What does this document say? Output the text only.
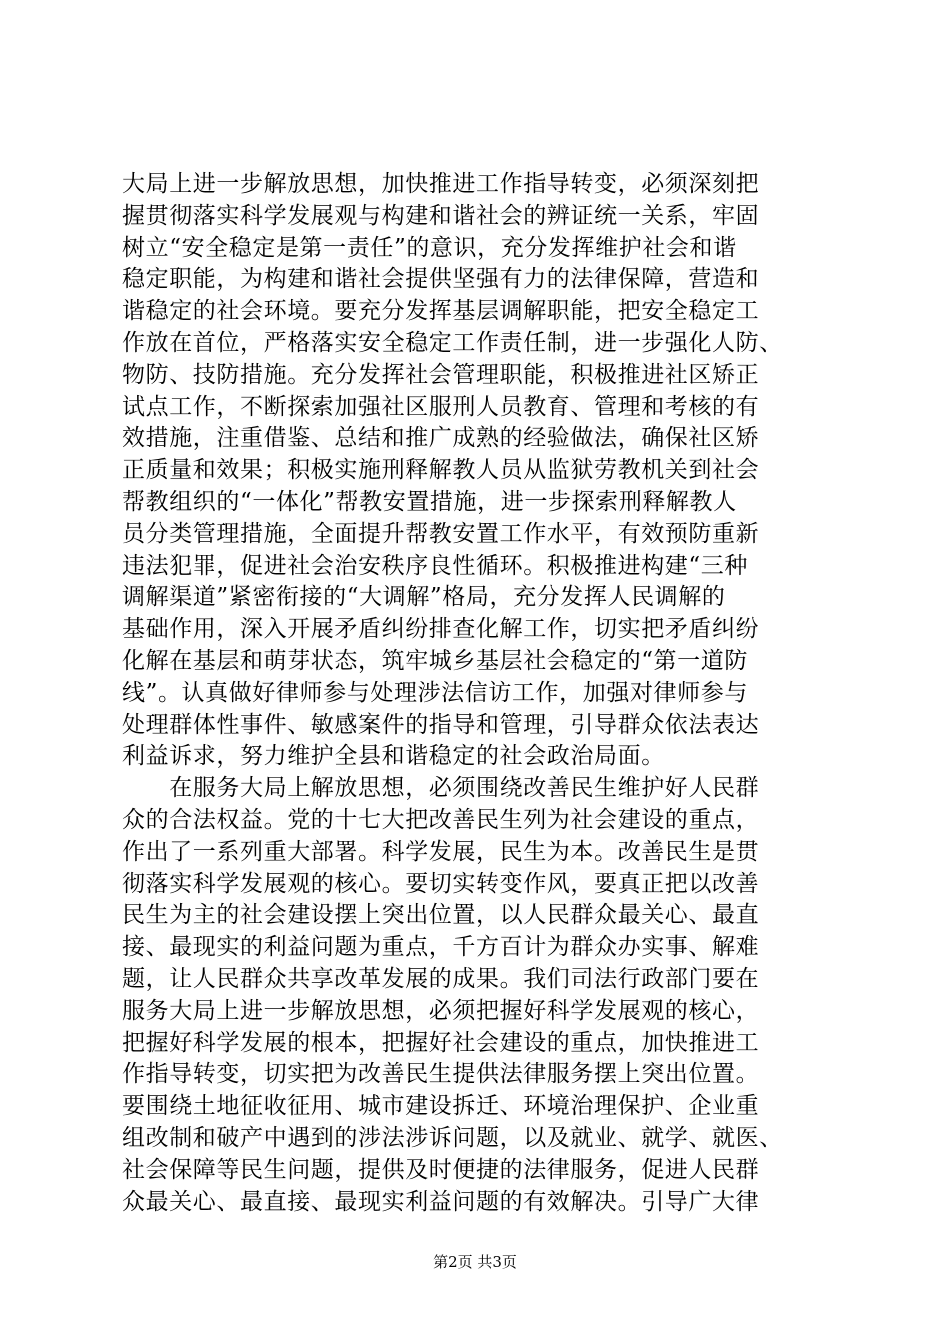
大局上进一步解放思想，加快推进工作指导转变，必须深刻把
握贯彻落实科学发展观与构建和谐社会的辨证统一关系，牢固
树立“安全稳定是第一责任”的意识，充分发挥维护社会和谐
稳定职能，为构建和谐社会提供坚强有力的法律保障，营造和
谐稳定的社会环境。要充分发挥基层调解职能，把安全稳定工
作放在首位，严格落实安全稳定工作责任制，进一步强化人防、
物防、技防措施。充分发挥社会管理职能，积极推进社区矫正
试点工作，不断探索加强社区服刑人员教育、管理和考核的有
效措施，注重借鉴、总结和推广成熟的经验做法，确保社区矫
正质量和效果；积极实施刑释解教人员从监狱劳教机关到社会
帮教组织的“一体化”帮教安置措施，进一步探索刑释解教人
员分类管理措施，全面提升帮教安置工作水平，有效预防重新
违法犯罪，促进社会治安秩序良性循环。积极推进构建“三种
调解渠道”紧密衔接的“大调解”格局，充分发挥人民调解的
基础作用，深入开展矛盾纠纷排查化解工作，切实把矛盾纠纷
化解在基层和萌芽状态，筑牢城乡基层社会稳定的“第一道防
线”。认真做好律师参与处理涉法信访工作，加强对律师参与
处理群体性事件、敏感案件的指导和管理，引导群众依法表达
利益诉求，努力维护全县和谐稳定的社会政治局面。
　　在服务大局上解放思想，必须围绕改善民生维护好人民群
众的合法权益。党的十七大把改善民生列为社会建设的重点，
作出了一系列重大部署。科学发展，民生为本。改善民生是贯
彻落实科学发展观的核心。要切实转变作风，要真正把以改善
民生为主的社会建设摆上突出位置，以人民群众最关心、最直
接、最现实的利益问题为重点，千方百计为群众办实事、解难
题，让人民群众共享改革发展的成果。我们司法行政部门要在
服务大局上进一步解放思想，必须把握好科学发展观的核心，
把握好科学发展的根本，把握好社会建设的重点，加快推进工
作指导转变，切实把为改善民生提供法律服务摆上突出位置。
要围绕土地征收征用、城市建设拆迁、环境治理保护、企业重
组改制和破产中遇到的涉法涉诉问题，以及就业、就学、就医、
社会保障等民生问题，提供及时便捷的法律服务，促进人民群
众最关心、最直接、最现实利益问题的有效解决。引导广大律
第2页 共3页
